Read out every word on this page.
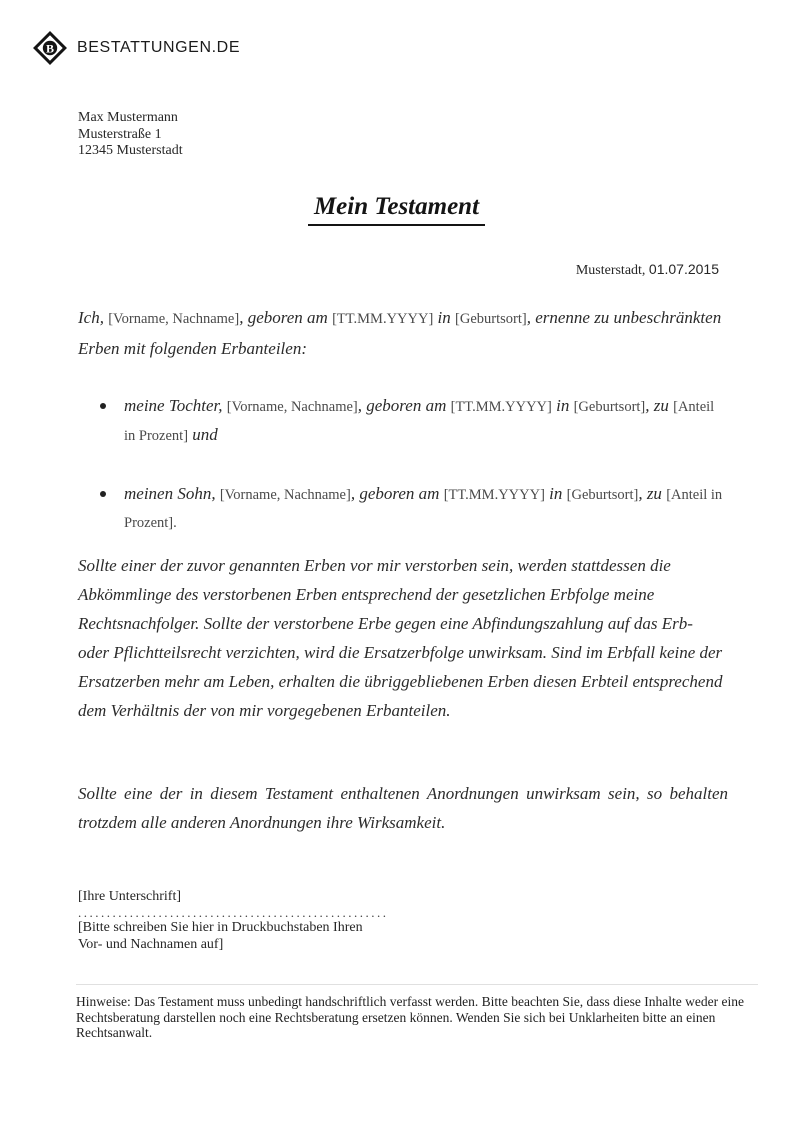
B BESTATTUNGEN.DE
Max Mustermann
Musterstraße 1
12345 Musterstadt
Mein Testament
Musterstadt, 01.07.2015

Ich, [Vorname, Nachname], geboren am [TT.MM.YYYY] in [Geburtsort], ernenne zu unbeschränkten Erben mit folgenden Erbanteilen:

meine Tochter, [Vorname, Nachname], geboren am [TT.MM.YYYY] in [Geburtsort], zu [Anteil in Prozent] und
meinen Sohn, [Vorname, Nachname], geboren am [TT.MM.YYYY] in [Geburtsort], zu [Anteil in Prozent].

Sollte einer der zuvor genannten Erben vor mir verstorben sein, werden stattdessen die Abkömmlinge des verstorbenen Erben entsprechend der gesetzlichen Erbfolge meine Rechtsnachfolger. Sollte der verstorbene Erbe gegen eine Abfindungszahlung auf das Erb- oder Pflichtteilsrecht verzichten, wird die Ersatzerbfolge unwirksam. Sind im Erbfall keine der Ersatzerben mehr am Leben, erhalten die übriggebliebenen Erben diesen Erbteil entsprechend dem Verhältnis der von mir vorgegebenen Erbanteilen.

Sollte eine der in diesem Testament enthaltenen Anordnungen unwirksam sein, so behalten trotzdem alle anderen Anordnungen ihre Wirksamkeit.

[Ihre Unterschrift]
......................................................
[Bitte schreiben Sie hier in Druckbuchstaben Ihren Vor- und Nachnamen auf]
Hinweise: Das Testament muss unbedingt handschriftlich verfasst werden. Bitte beachten Sie, dass diese Inhalte weder eine Rechtsberatung darstellen noch eine Rechtsberatung ersetzen können. Wenden Sie sich bei Unklarheiten bitte an einen Rechtsanwalt.
